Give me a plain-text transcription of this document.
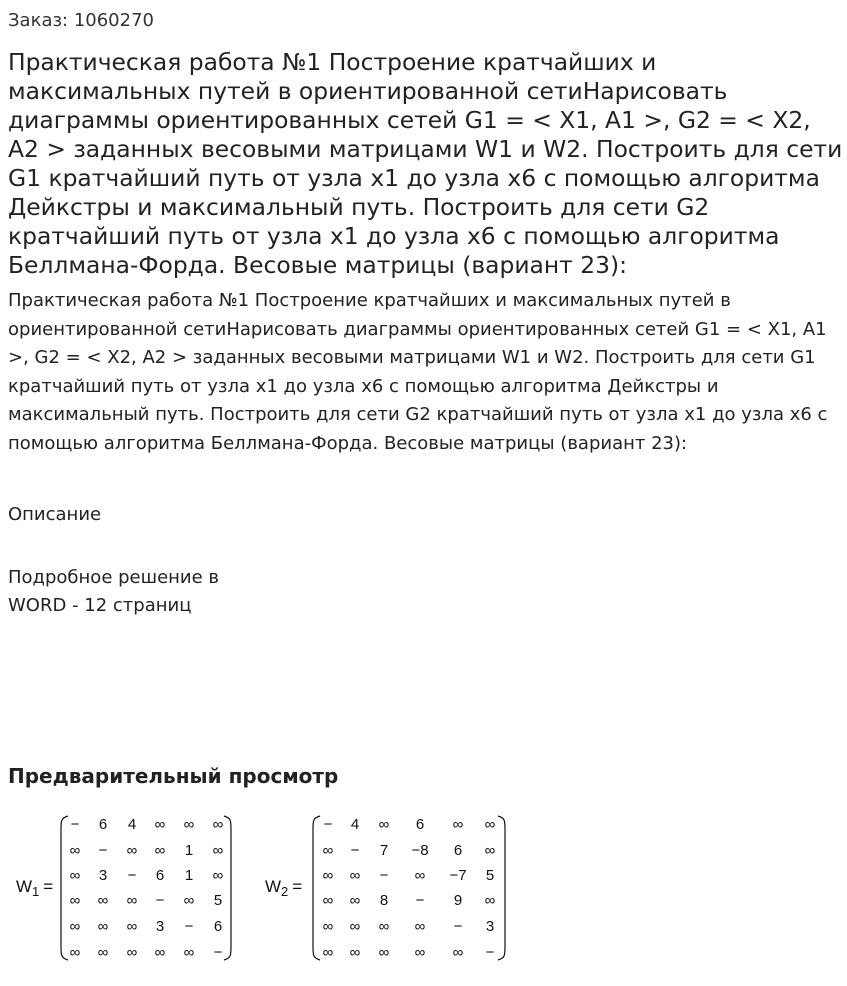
Заказ: 1060270
Практическая работа №1 Построение кратчайших и максимальных путей в ориентированной сетиНарисовать диаграммы ориентированных сетей G1 = < X1, A1 >, G2 = < X2, A2 > заданных весовыми матрицами W1 и W2. Построить для сети G1 кратчайший путь от узла x1 до узла x6 с помощью алгоритма Дейкстры и максимальный путь. Построить для сети G2 кратчайший путь от узла x1 до узла x6 с помощью алгоритма Беллмана-Форда. Весовые матрицы (вариант 23):
Практическая работа №1 Построение кратчайших и максимальных путей в ориентированной сетиНарисовать диаграммы ориентированных сетей G1 = < X1, A1 >, G2 = < X2, A2 > заданных весовыми матрицами W1 и W2. Построить для сети G1 кратчайший путь от узла x1 до узла x6 с помощью алгоритма Дейкстры и максимальный путь. Построить для сети G2 кратчайший путь от узла x1 до узла x6 с помощью алгоритма Беллмана-Форда. Весовые матрицы (вариант 23):
Описание
Подробное решение в
WORD - 12 страниц
Предварительный просмотр
$W_1$ =
−	6	4	∞	∞	∞
∞	−	∞	∞	1	∞
∞	3	−	6	1	∞
∞	∞	∞	−	∞	5
∞	∞	∞	3	−	6
∞	∞	∞	∞	∞	−
$W_2$ =
−	4	∞	6	∞	∞
∞	−	7	−8	6	∞
∞	∞	−	∞	−7	5
∞	∞	8	−	9	∞
∞	∞	∞	∞	−	3
∞	∞	∞	∞	∞	−
